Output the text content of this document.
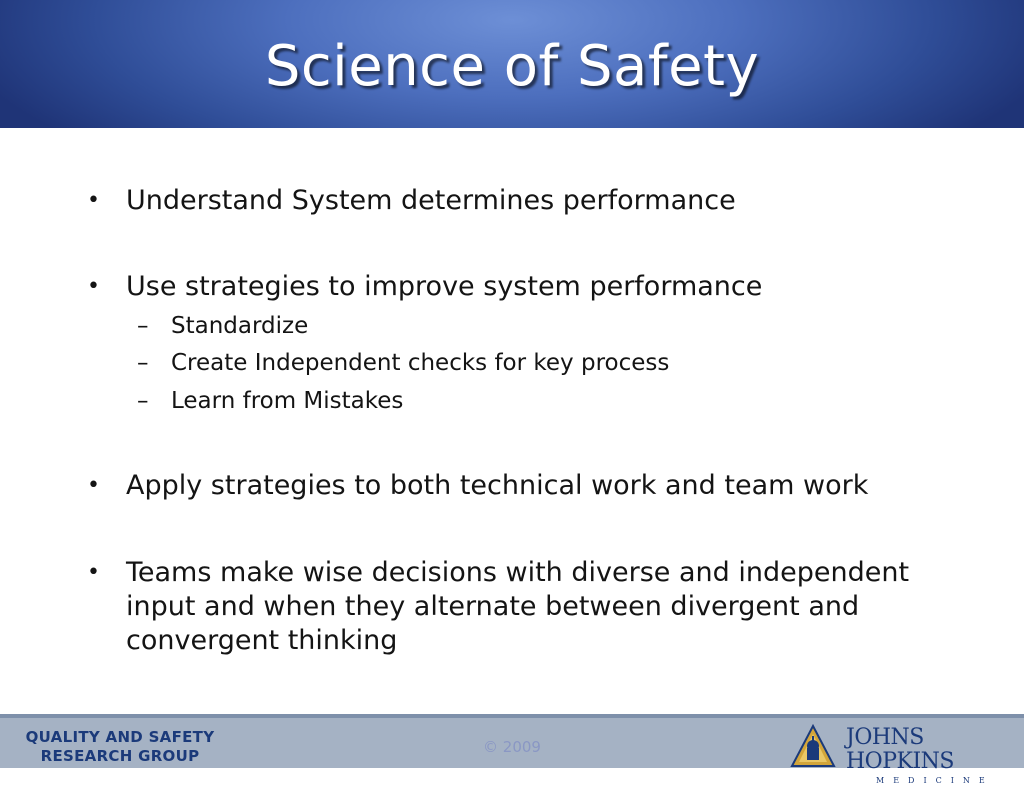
Science of Safety
• Understand System determines performance
• Use strategies to improve system performance
– Standardize
– Create Independent checks for key process
– Learn from Mistakes
• Apply strategies to both technical work and team work
• Teams make wise decisions with diverse and independent input and when they alternate between divergent and convergent thinking
QUALITY AND SAFETY
RESEARCH GROUP	© 2009	JOHNS HOPKINS
MEDICINE
